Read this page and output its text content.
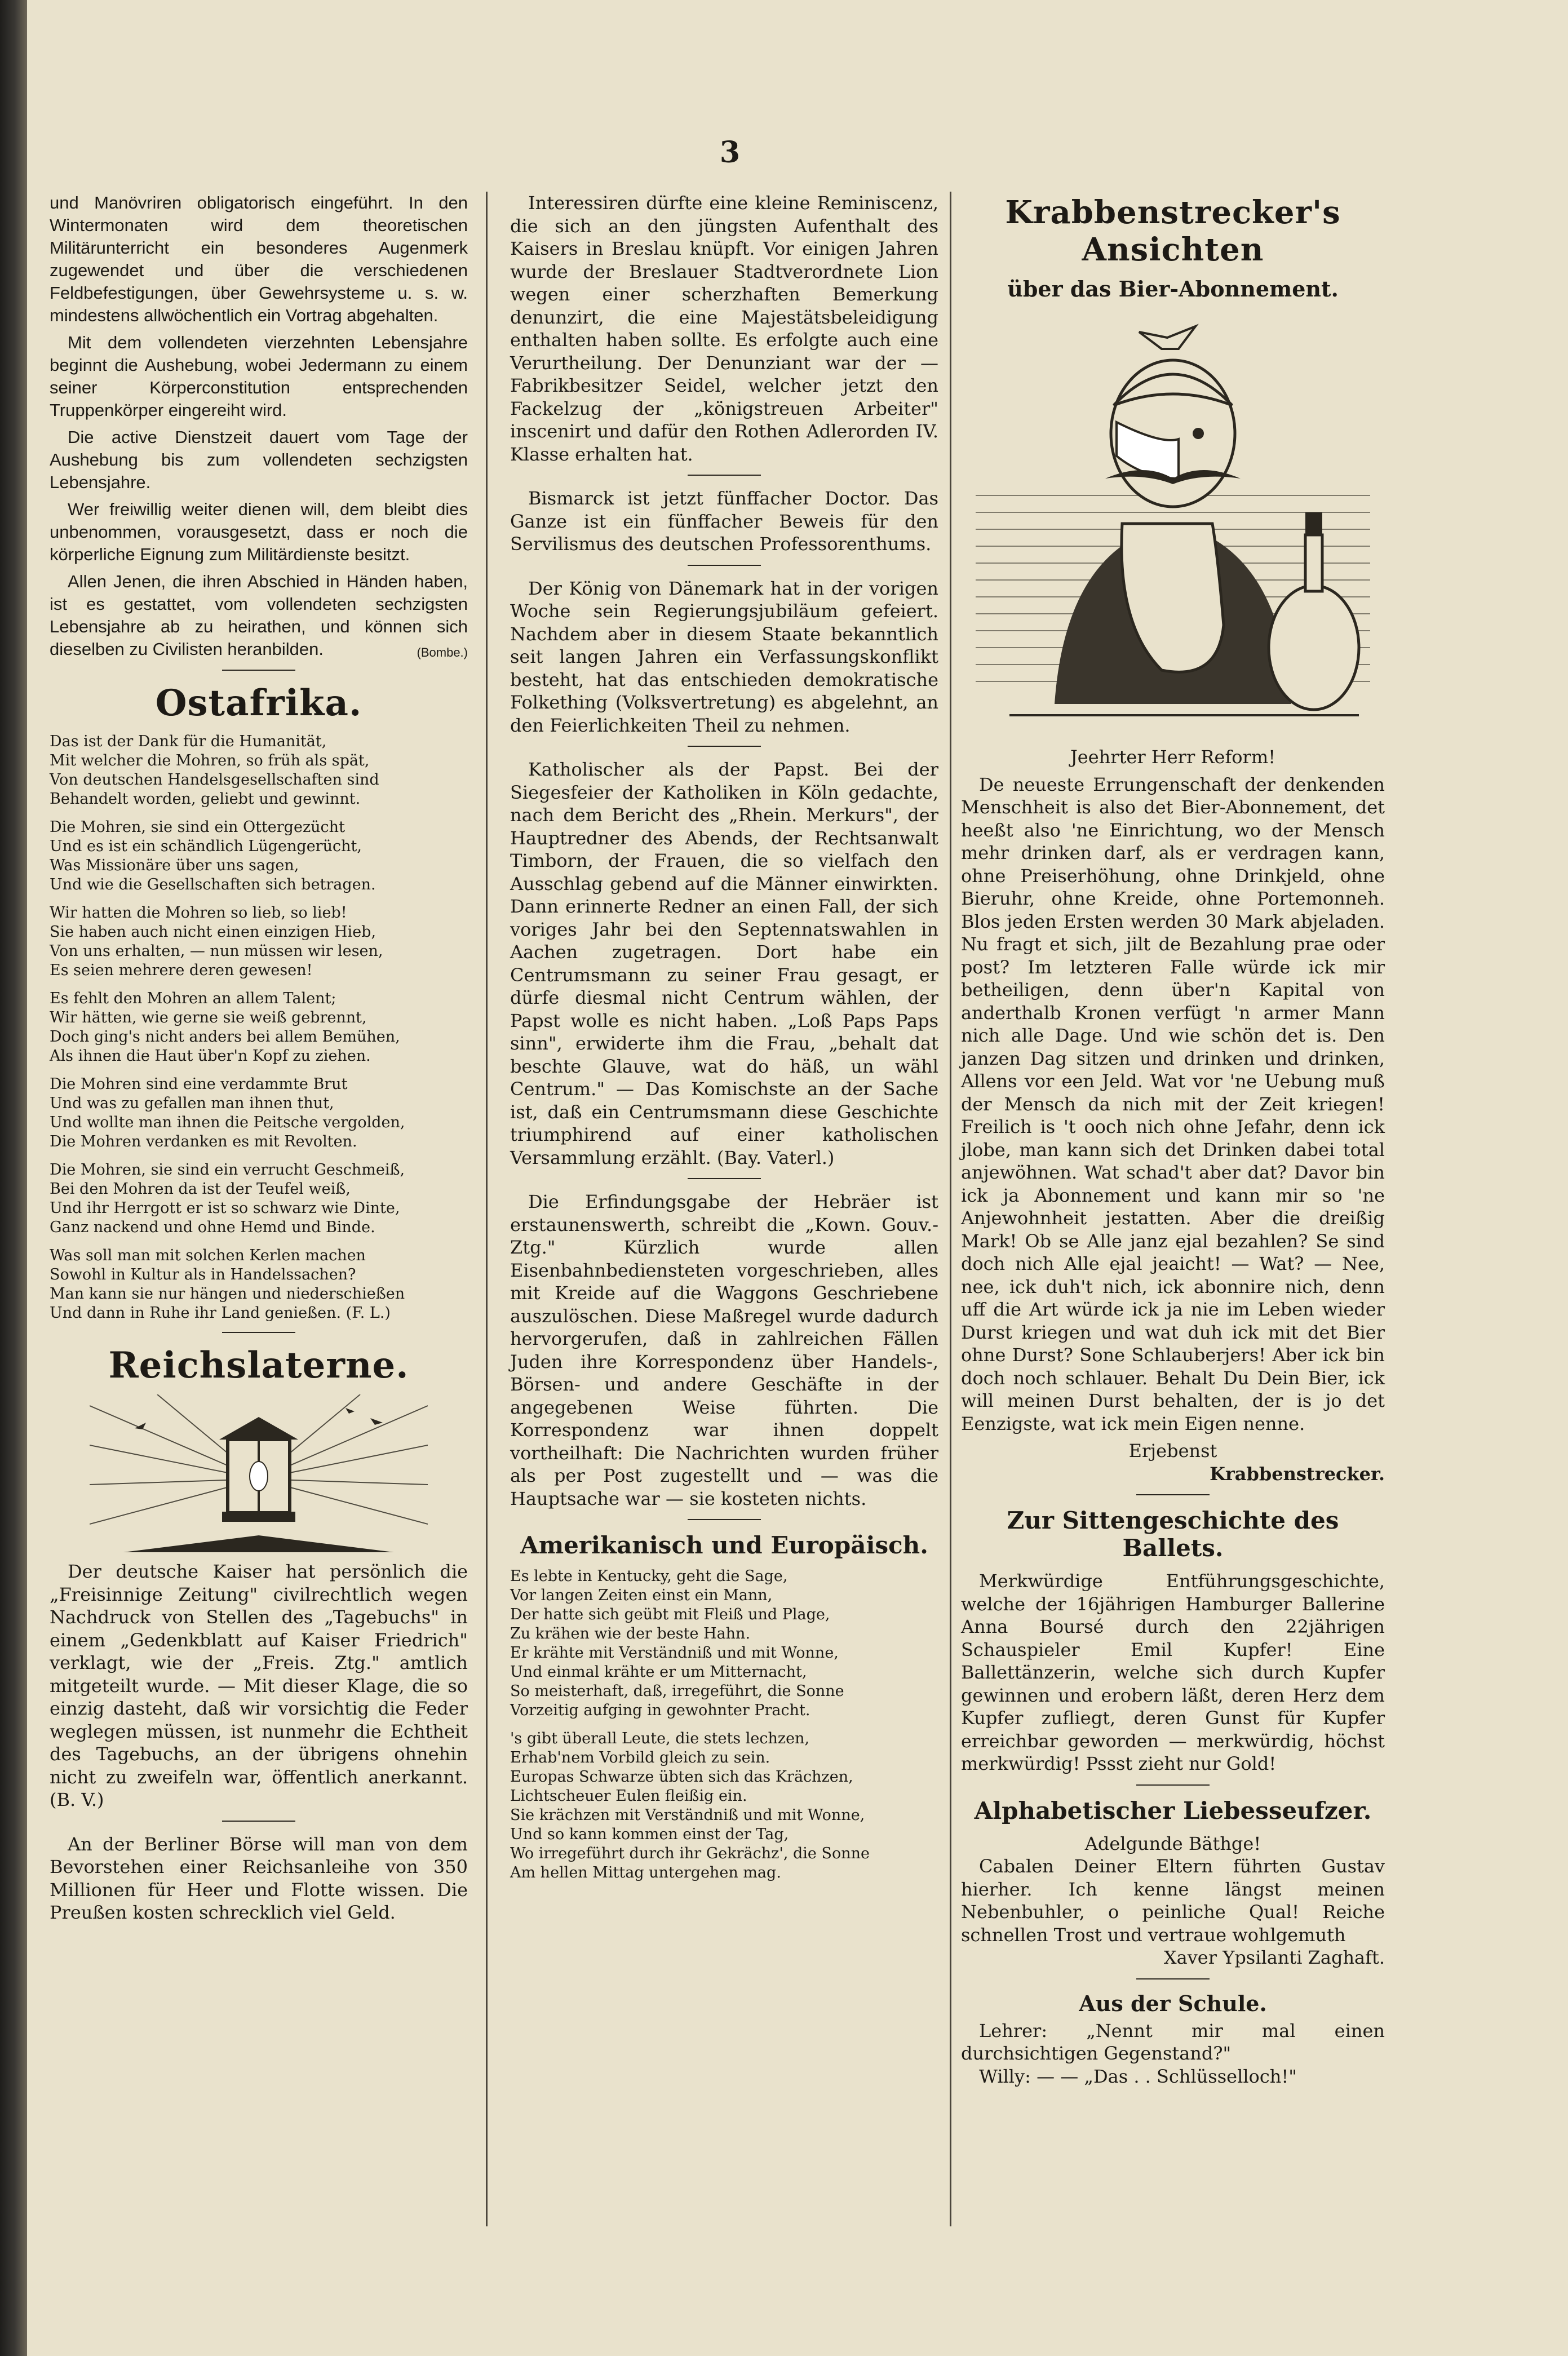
3

und Manövriren obligatorisch eingeführt. In den Wintermonaten wird dem theoretischen Militärunterricht ein besonderes Augenmerk zugewendet und über die verschiedenen Feldbefestigungen, über Gewehrsysteme u. s. w. mindestens allwöchentlich ein Vortrag abgehalten.

Mit dem vollendeten vierzehnten Lebensjahre beginnt die Aushebung, wobei Jedermann zu einem seiner Körperconstitution entsprechenden Truppenkörper eingereiht wird.

Die active Dienstzeit dauert vom Tage der Aushebung bis zum vollendeten sechzigsten Lebensjahre.

Wer freiwillig weiter dienen will, dem bleibt dies unbenommen, vorausgesetzt, dass er noch die körperliche Eignung zum Militärdienste besitzt.

Allen Jenen, die ihren Abschied in Händen haben, ist es gestattet, vom vollendeten sechzigsten Lebensjahre ab zu heirathen, und können sich dieselben zu Civilisten heranbilden.	(Bombe.)

Ostafrika.

Das ist der Dank für die Humanität,

Mit welcher die Mohren, so früh als spät,

Von deutschen Handelsgesellschaften sind

Behandelt worden, geliebt und gewinnt.

Die Mohren, sie sind ein Ottergezücht

Und es ist ein schändlich Lügengerücht,

Was Missionäre über uns sagen,

Und wie die Gesellschaften sich betragen.

Wir hatten die Mohren so lieb, so lieb!

Sie haben auch nicht einen einzigen Hieb,

Von uns erhalten, — nun müssen wir lesen,

Es seien mehrere deren gewesen!

Es fehlt den Mohren an allem Talent;

Wir hätten, wie gerne sie weiß gebrennt,

Doch ging's nicht anders bei allem Bemühen,

Als ihnen die Haut über'n Kopf zu ziehen.

Die Mohren sind eine verdammte Brut

Und was zu gefallen man ihnen thut,

Und wollte man ihnen die Peitsche vergolden,

Die Mohren verdanken es mit Revolten.

Die Mohren, sie sind ein verrucht Geschmeiß,

Bei den Mohren da ist der Teufel weiß,

Und ihr Herrgott er ist so schwarz wie Dinte,

Ganz nackend und ohne Hemd und Binde.

Was soll man mit solchen Kerlen machen

Sowohl in Kultur als in Handelssachen?

Man kann sie nur hängen und niederschießen

Und dann in Ruhe ihr Land genießen. (F. L.)

Reichslaterne.

Der deutsche Kaiser hat persönlich die „Freisinnige Zeitung" civilrechtlich wegen Nachdruck von Stellen des „Tagebuchs" in einem „Gedenkblatt auf Kaiser Friedrich" verklagt, wie der „Freis. Ztg." amtlich mitgeteilt wurde. — Mit dieser Klage, die so einzig dasteht, daß wir vorsichtig die Feder weglegen müssen, ist nunmehr die Echtheit des Tagebuchs, an der übrigens ohnehin nicht zu zweifeln war, öffentlich anerkannt. (B. V.)

An der Berliner Börse will man von dem Bevorstehen einer Reichsanleihe von 350 Millionen für Heer und Flotte wissen. Die Preußen kosten schrecklich viel Geld.

Interessiren dürfte eine kleine Reminiscenz, die sich an den jüngsten Aufenthalt des Kaisers in Breslau knüpft. Vor einigen Jahren wurde der Breslauer Stadtverordnete Lion wegen einer scherzhaften Bemerkung denunzirt, die eine Majestätsbeleidigung enthalten haben sollte. Es erfolgte auch eine Verurtheilung. Der Denunziant war der — Fabrikbesitzer Seidel, welcher jetzt den Fackelzug der „königstreuen Arbeiter" inscenirt und dafür den Rothen Adlerorden IV. Klasse erhalten hat.

Bismarck ist jetzt fünffacher Doctor. Das Ganze ist ein fünffacher Beweis für den Servilismus des deutschen Professorenthums.

Der König von Dänemark hat in der vorigen Woche sein Regierungsjubiläum gefeiert. Nachdem aber in diesem Staate bekanntlich seit langen Jahren ein Verfassungskonflikt besteht, hat das entschieden demokratische Folkething (Volksvertretung) es abgelehnt, an den Feierlichkeiten Theil zu nehmen.

Katholischer als der Papst. Bei der Siegesfeier der Katholiken in Köln gedachte, nach dem Bericht des „Rhein. Merkurs", der Hauptredner des Abends, der Rechtsanwalt Timborn, der Frauen, die so vielfach den Ausschlag gebend auf die Männer einwirkten. Dann erinnerte Redner an einen Fall, der sich voriges Jahr bei den Septennatswahlen in Aachen zugetragen. Dort habe ein Centrumsmann zu seiner Frau gesagt, er dürfe diesmal nicht Centrum wählen, der Papst wolle es nicht haben. „Loß Paps Paps sinn", erwiderte ihm die Frau, „behalt dat beschte Glauve, wat do häß, un wähl Centrum." — Das Komischste an der Sache ist, daß ein Centrumsmann diese Geschichte triumphirend auf einer katholischen Versammlung erzählt. (Bay. Vaterl.)

Die Erfindungsgabe der Hebräer ist erstaunenswerth, schreibt die „Kown. Gouv.-Ztg." Kürzlich wurde allen Eisenbahnbediensteten vorgeschrieben, alles mit Kreide auf die Waggons Geschriebene auszulöschen. Diese Maßregel wurde dadurch hervorgerufen, daß in zahlreichen Fällen Juden ihre Korrespondenz über Handels-, Börsen- und andere Geschäfte in der angegebenen Weise führten. Die Korrespondenz war ihnen doppelt vortheilhaft: Die Nachrichten wurden früher als per Post zugestellt und — was die Hauptsache war — sie kosteten nichts.

Amerikanisch und Europäisch.

Es lebte in Kentucky, geht die Sage,

Vor langen Zeiten einst ein Mann,

Der hatte sich geübt mit Fleiß und Plage,

Zu krähen wie der beste Hahn.

Er krähte mit Verständniß und mit Wonne,

Und einmal krähte er um Mitternacht,

So meisterhaft, daß, irregeführt, die Sonne

Vorzeitig aufging in gewohnter Pracht.

's gibt überall Leute, die stets lechzen,

Erhab'nem Vorbild gleich zu sein.

Europas Schwarze übten sich das Krächzen,

Lichtscheuer Eulen fleißig ein.

Sie krächzen mit Verständniß und mit Wonne,

Und so kann kommen einst der Tag,

Wo irregeführt durch ihr Gekrächz', die Sonne

Am hellen Mittag untergehen mag.

Krabbenstrecker's Ansichten
über das Bier-Abonnement.

Jeehrter Herr Reform!

De neueste Errungenschaft der denkenden Menschheit is also det Bier-Abonnement, det heeßt also 'ne Einrichtung, wo der Mensch mehr drinken darf, als er verdragen kann, ohne Preiserhöhung, ohne Drinkjeld, ohne Bieruhr, ohne Kreide, ohne Portemonneh. Blos jeden Ersten werden 30 Mark abjeladen. Nu fragt et sich, jilt de Bezahlung prae oder post? Im letzteren Falle würde ick mir betheiligen, denn über'n Kapital von anderthalb Kronen verfügt 'n armer Mann nich alle Dage. Und wie schön det is. Den janzen Dag sitzen und drinken und drinken, Allens vor een Jeld. Wat vor 'ne Uebung muß der Mensch da nich mit der Zeit kriegen! Freilich is 't ooch nich ohne Jefahr, denn ick jlobe, man kann sich det Drinken dabei total anjewöhnen. Wat schad't aber dat? Davor bin ick ja Abonnement und kann mir so 'ne Anjewohnheit jestatten. Aber die dreißig Mark! Ob se Alle janz ejal bezahlen? Se sind doch nich Alle ejal jeaicht! — Wat? — Nee, nee, ick duh't nich, ick abonnire nich, denn uff die Art würde ick ja nie im Leben wieder Durst kriegen und wat duh ick mit det Bier ohne Durst? Sone Schlauberjers! Aber ick bin doch noch schlauer. Behalt Du Dein Bier, ick will meinen Durst behalten, der is jo det Eenzigste, wat ick mein Eigen nenne.

Erjebenst

Krabbenstrecker.

Zur Sittengeschichte des Ballets.

Merkwürdige Entführungsgeschichte, welche der 16jährigen Hamburger Ballerine Anna Boursé durch den 22jährigen Schauspieler Emil Kupfer! Eine Ballettänzerin, welche sich durch Kupfer gewinnen und erobern läßt, deren Herz dem Kupfer zufliegt, deren Gunst für Kupfer erreichbar geworden — merkwürdig, höchst merkwürdig! Pssst zieht nur Gold!

Alphabetischer Liebesseufzer.

Adelgunde Bäthge!

Cabalen Deiner Eltern führten Gustav hierher. Ich kenne längst meinen Nebenbuhler, o peinliche Qual! Reiche schnellen Trost und vertraue wohlgemuth

Xaver Ypsilanti Zaghaft.

Aus der Schule.

Lehrer: „Nennt mir mal einen durchsichtigen Gegenstand?"

Willy: — — „Das . . Schlüsselloch!"
